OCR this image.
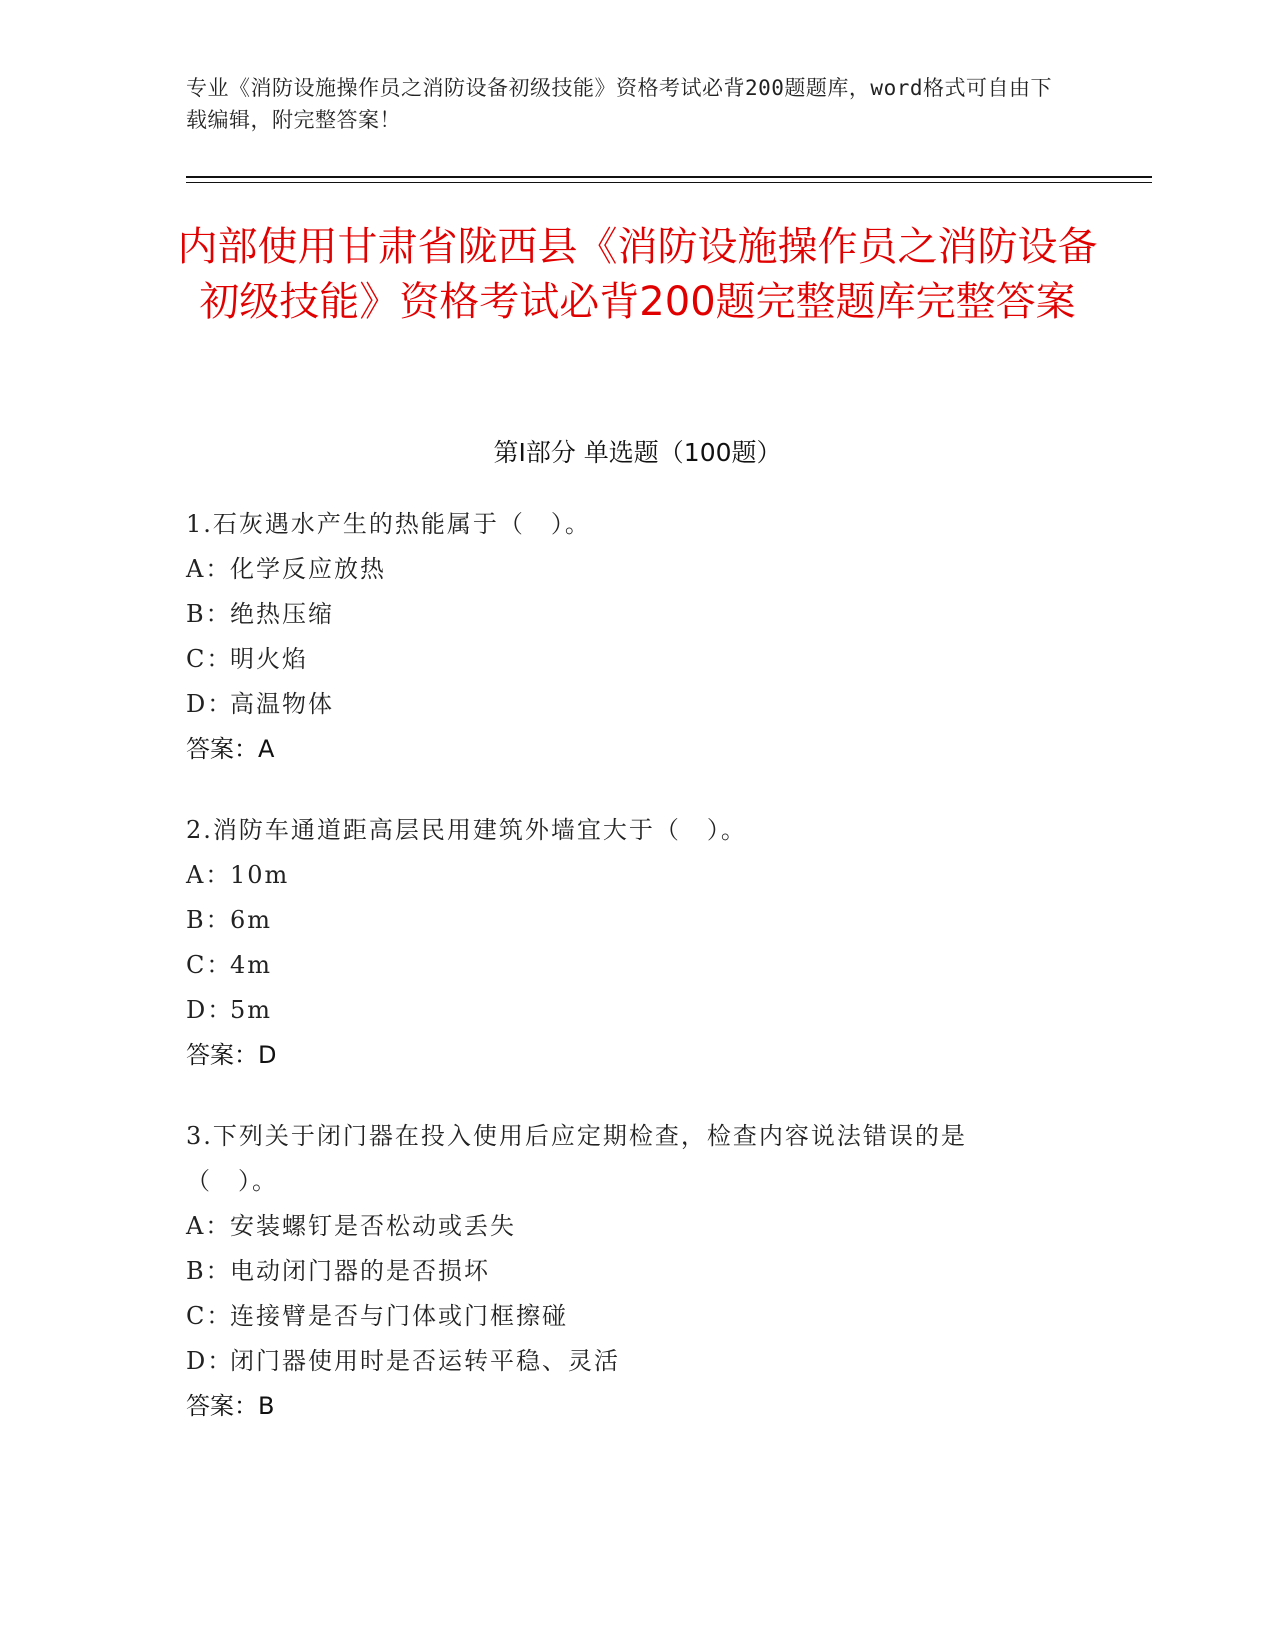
专业《消防设施操作员之消防设备初级技能》资格考试必背200题题库，word格式可自由下载编辑，附完整答案！
内部使用甘肃省陇西县《消防设施操作员之消防设备初级技能》资格考试必背200题完整题库完整答案
第Ⅰ部分 单选题（100题）
1.石灰遇水产生的热能属于（　）。
A：化学反应放热
B：绝热压缩
C：明火焰
D：高温物体
答案：A
2.消防车通道距高层民用建筑外墙宜大于（　）。
A：10m
B：6m
C：4m
D：5m
答案：D
3.下列关于闭门器在投入使用后应定期检查，检查内容说法错误的是（　）。
A：安装螺钉是否松动或丢失
B：电动闭门器的是否损坏
C：连接臂是否与门体或门框擦碰
D：闭门器使用时是否运转平稳、灵活
答案：B
